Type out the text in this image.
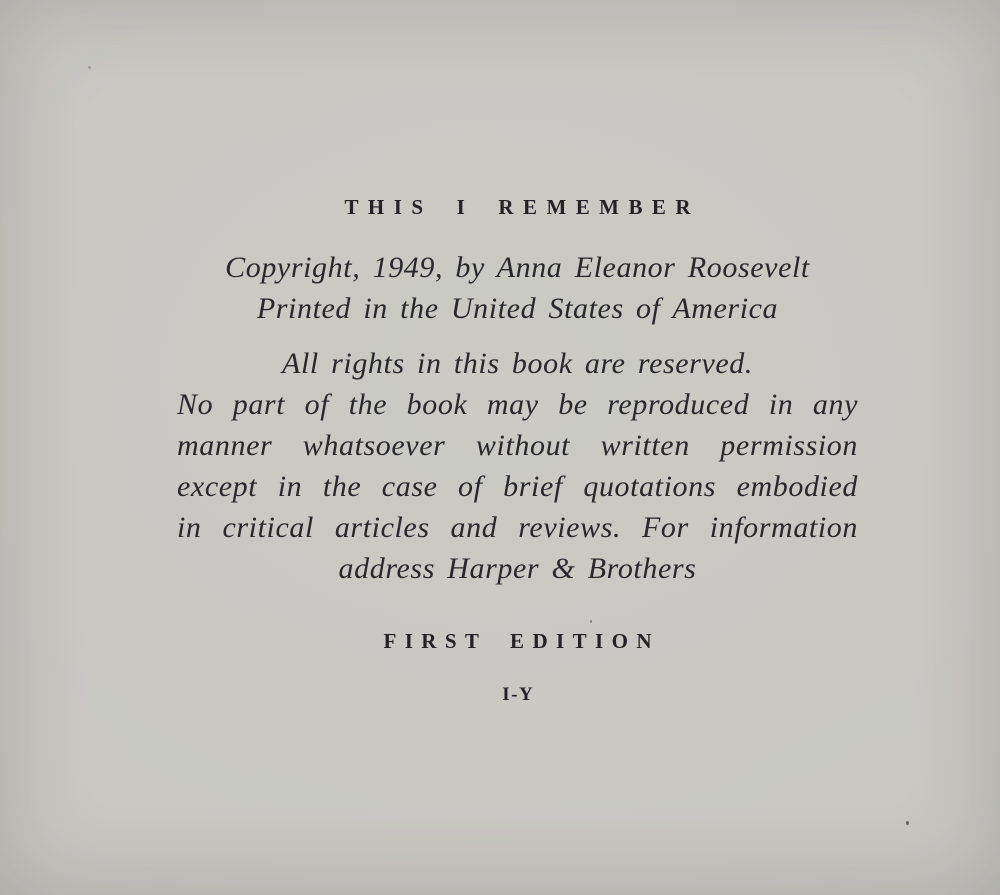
THIS I REMEMBER
Copyright, 1949, by Anna Eleanor Roosevelt
Printed in the United States of America
All rights in this book are reserved.
No part of the book may be reproduced in any
manner whatsoever without written permission
except in the case of brief quotations embodied
in critical articles and reviews. For information
address Harper & Brothers
FIRST EDITION
I-Y
